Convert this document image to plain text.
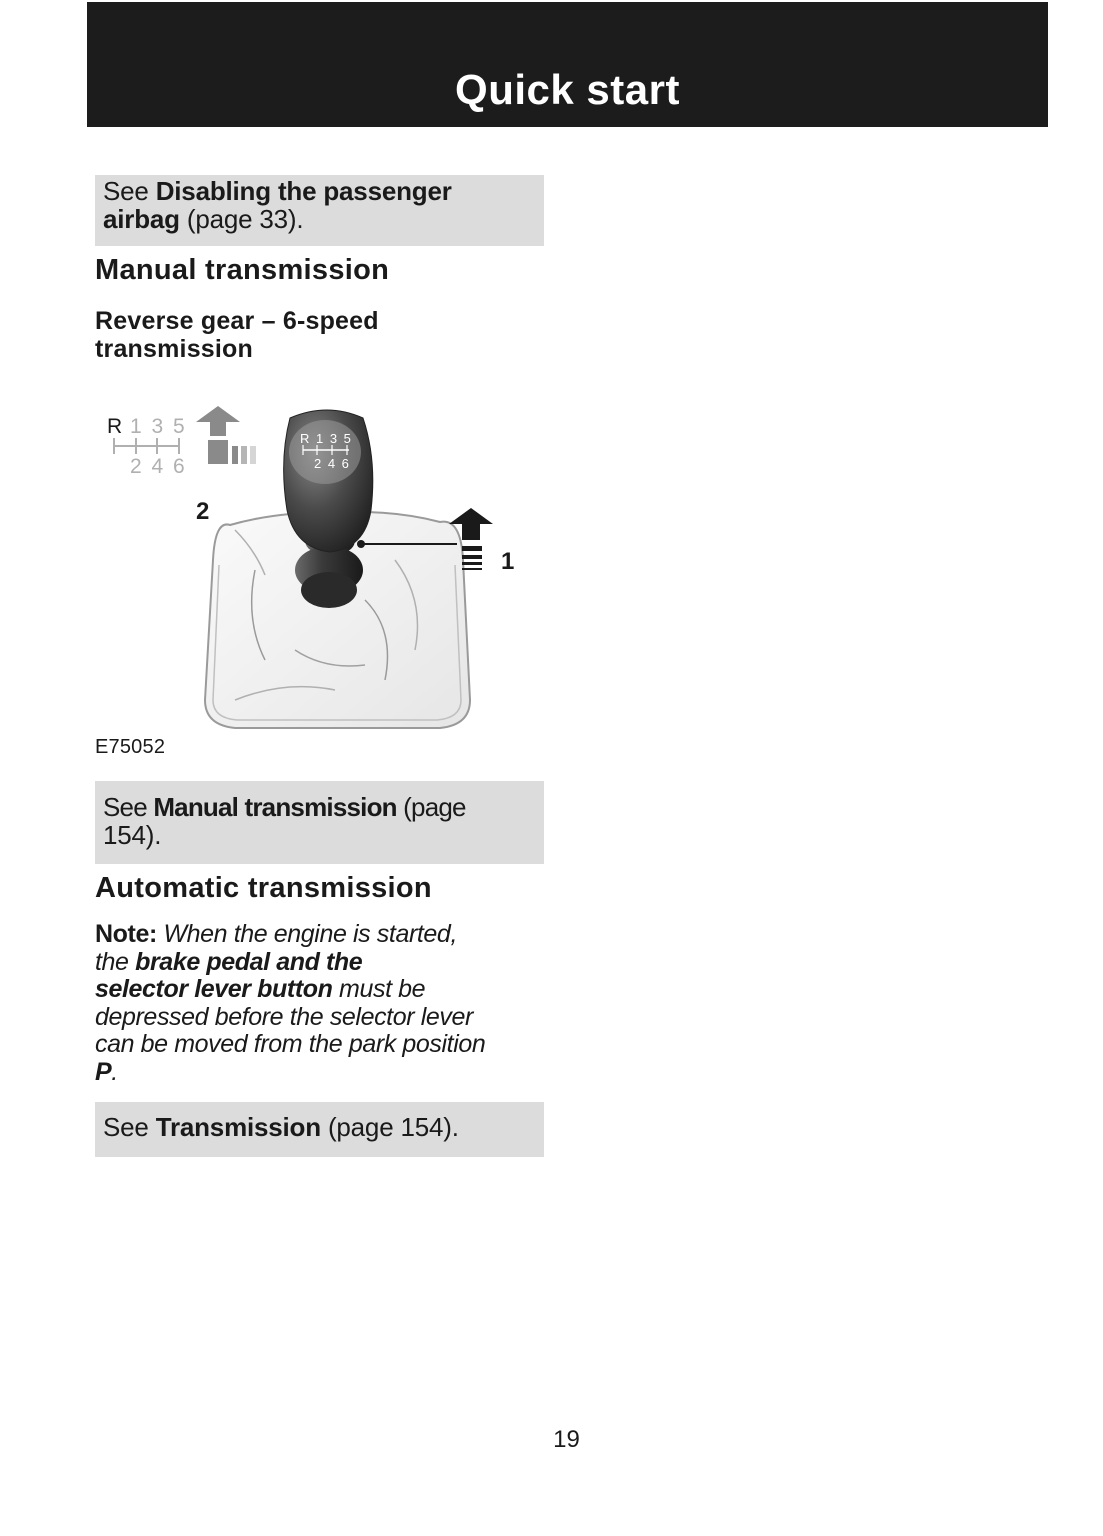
Quick start
See Disabling the passenger
airbag (page 33).
Manual transmission
Reverse gear – 6-speed transmission
R 1 3 5
2 4 6
R 1 3 5
2 4 6
1
2
E75052
See Manual transmission (page
154).
Automatic transmission
Note: When the engine is started,
the brake pedal and the
selector lever button must be
depressed before the selector lever
can be moved from the park position
P.
See Transmission (page 154).
19
